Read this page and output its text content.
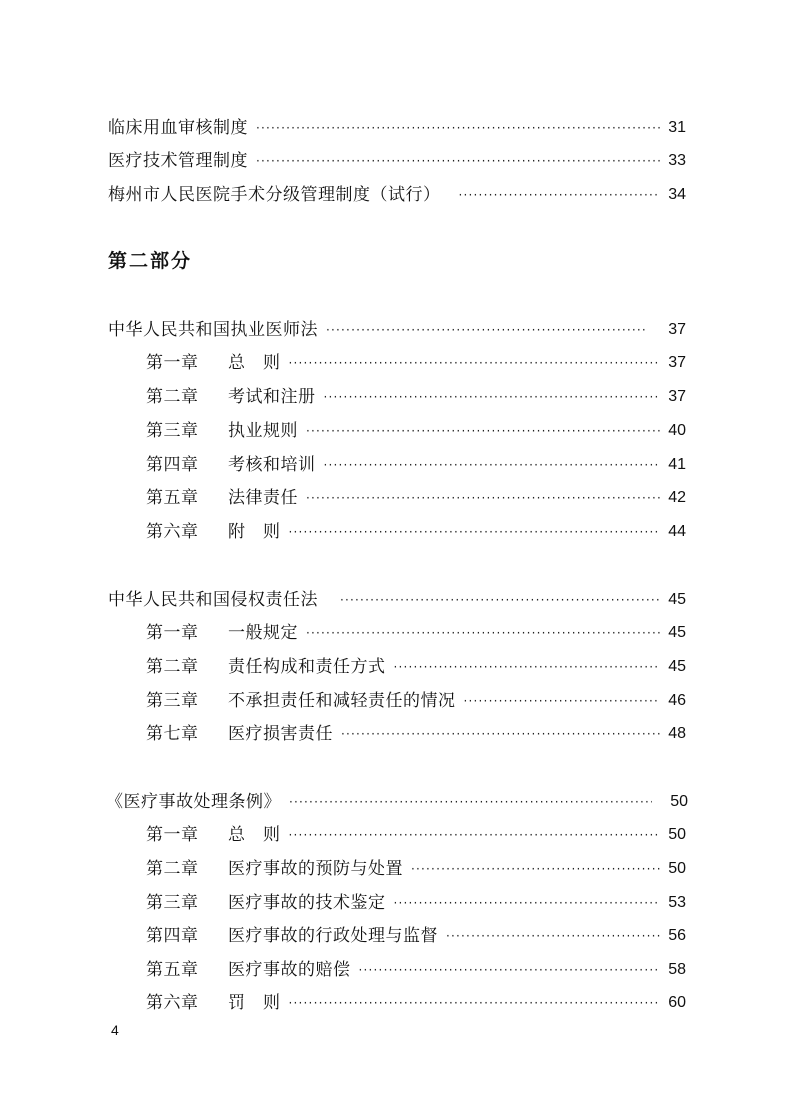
临床用血审核制度 ·····	31
医疗技术管理制度 ·····	33
梅州市人民医院手术分级管理制度（试行） ·····	34
第二部分
中华人民共和国执业医师法 ·····	37
第一章	总　则 ·····	37
第二章	考试和注册 ·····	37
第三章	执业规则 ·····	40
第四章	考核和培训 ·····	41
第五章	法律责任 ·····	42
第六章	附　则 ·····	44
中华人民共和国侵权责任法 ·····	45
第一章	一般规定 ·····	45
第二章	责任构成和责任方式 ·····	45
第三章	不承担责任和减轻责任的情况 ·····	46
第七章	医疗损害责任 ·····	48
《医疗事故处理条例》 ·····	50
第一章	总　则 ·····	50
第二章	医疗事故的预防与处置 ·····	50
第三章	医疗事故的技术鉴定 ·····	53
第四章	医疗事故的行政处理与监督 ·····	56
第五章	医疗事故的赔偿 ·····	58
第六章	罚　则 ·····	60
4
